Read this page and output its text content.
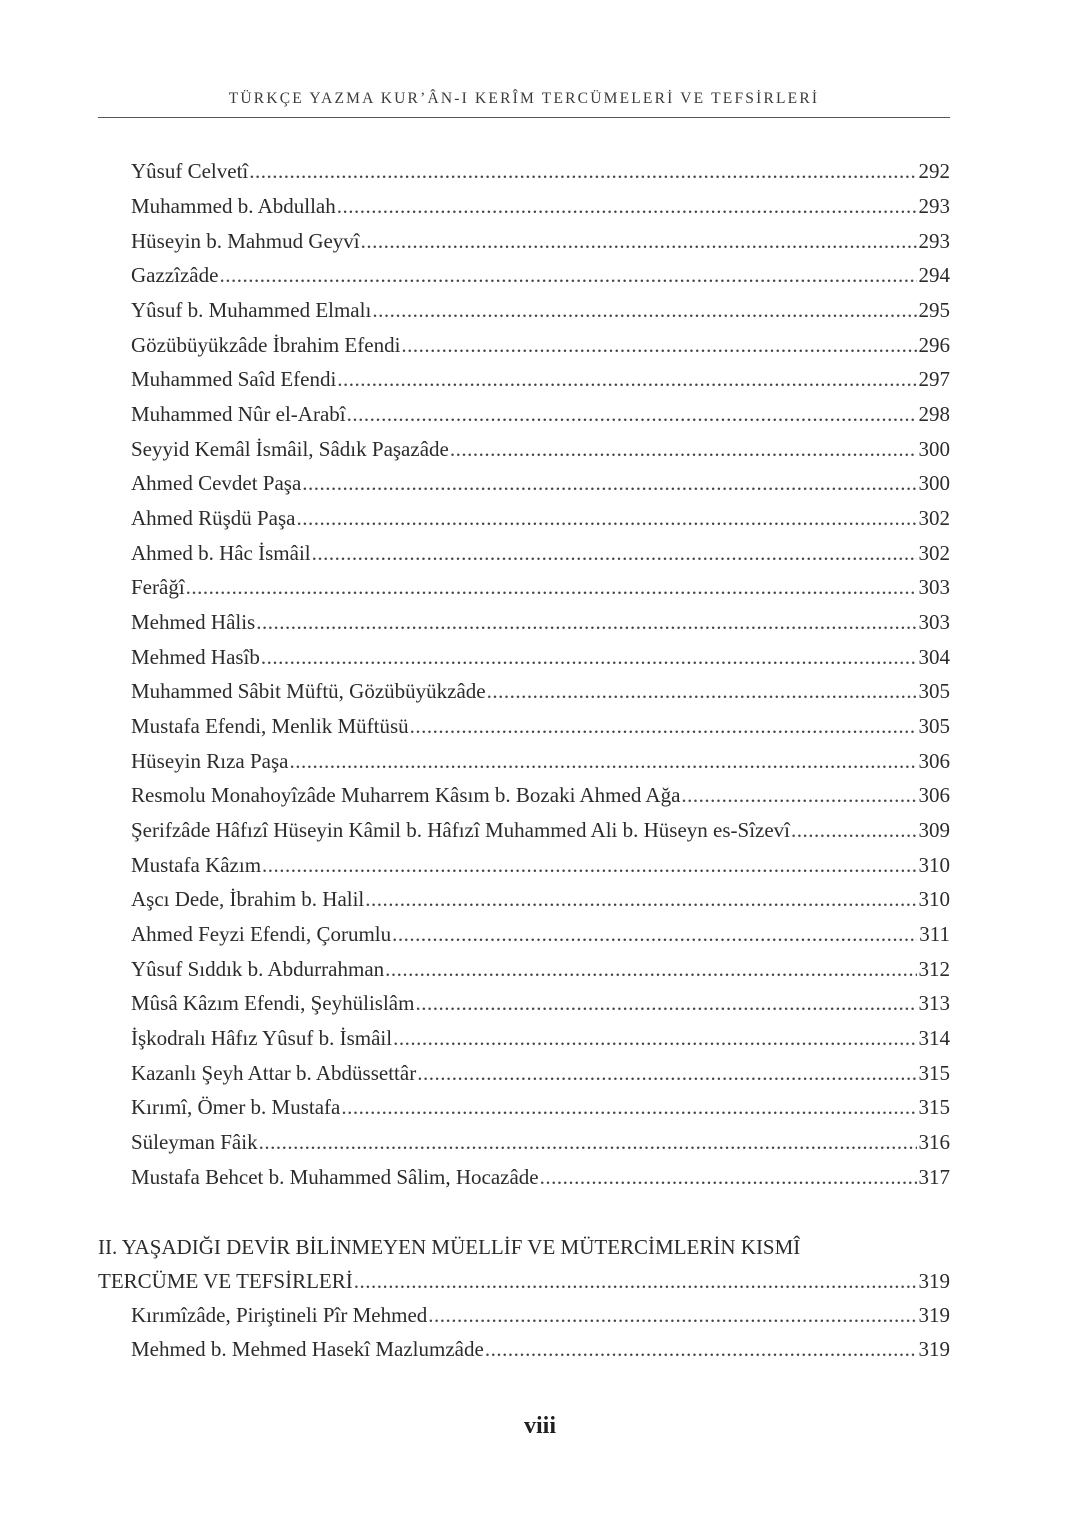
TÜRKÇE YAZMA KUR’ÂN-I KERÎM TERCÜMELERİ VE TEFSİRLERİ
Yûsuf Celvetî .....	292
Muhammed b. Abdullah .....	293
Hüseyin b. Mahmud Geyvî .....	293
Gazzîzâde .....	294
Yûsuf b. Muhammed Elmalı .....	295
Gözübüyükzâde İbrahim Efendi .....	296
Muhammed Saîd Efendi .....	297
Muhammed Nûr el-Arabî .....	298
Seyyid Kemâl İsmâil, Sâdık Paşazâde .....	300
Ahmed Cevdet Paşa .....	300
Ahmed Rüşdü Paşa .....	302
Ahmed b. Hâc İsmâil .....	302
Ferâğî .....	303
Mehmed Hâlis .....	303
Mehmed Hasîb .....	304
Muhammed Sâbit Müftü, Gözübüyükzâde .....	305
Mustafa Efendi, Menlik Müftüsü .....	305
Hüseyin Rıza Paşa .....	306
Resmolu Monahoyîzâde Muharrem Kâsım b. Bozaki Ahmed Ağa .....	306
Şerifzâde Hâfızî Hüseyin Kâmil b. Hâfızî Muhammed Ali b. Hüseyn es-Sîzevî .....	309
Mustafa Kâzım .....	310
Aşcı Dede, İbrahim b. Halil .....	310
Ahmed Feyzi Efendi, Çorumlu .....	311
Yûsuf Sıddık b. Abdurrahman .....	312
Mûsâ Kâzım Efendi, Şeyhülislâm .....	313
İşkodralı Hâfız Yûsuf b. İsmâil .....	314
Kazanlı Şeyh Attar b. Abdüssettâr .....	315
Kırımî, Ömer b. Mustafa .....	315
Süleyman Fâik .....	316
Mustafa Behcet b. Muhammed Sâlim, Hocazâde .....	317
II. YAŞADIĞI DEVİR BİLİNMEYEN MÜELLİF VE MÜTERCİMLERİN KISMÎ
TERCÜME VE TEFSİRLERİ .....	319
Kırımîzâde, Piriştineli Pîr Mehmed .....	319
Mehmed b. Mehmed Hasekî Mazlumzâde .....	319
viii
